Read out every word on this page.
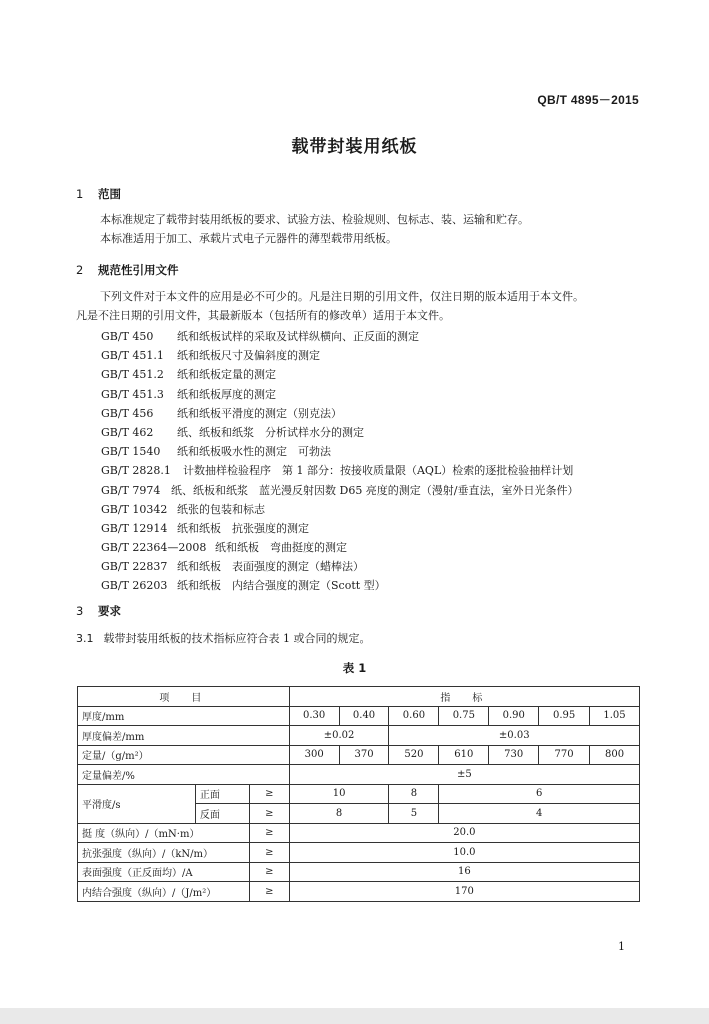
QB/T 4895－2015
载带封装用纸板
1 范围
本标准规定了载带封装用纸板的要求、试验方法、检验规则、包标志、装、运输和贮存。
本标准适用于加工、承载片式电子元器件的薄型载带用纸板。
2 规范性引用文件
下列文件对于本文件的应用是必不可少的。凡是注日期的引用文件，仅注日期的版本适用于本文件。
凡是不注日期的引用文件，其最新版本（包括所有的修改单）适用于本文件。
GB/T 450 纸和纸板试样的采取及试样纵横向、正反面的测定
GB/T 451.1 纸和纸板尺寸及偏斜度的测定
GB/T 451.2 纸和纸板定量的测定
GB/T 451.3 纸和纸板厚度的测定
GB/T 456 纸和纸板平滑度的测定（别克法）
GB/T 462 纸、纸板和纸浆　分析试样水分的测定
GB/T 1540 纸和纸板吸水性的测定　可勃法
GB/T 2828.1 计数抽样检验程序　第 1 部分：按接收质量限（AQL）检索的逐批检验抽样计划
GB/T 7974 纸、纸板和纸浆　蓝光漫反射因数 D65 亮度的测定（漫射/垂直法，室外日光条件）
GB/T 10342 纸张的包装和标志
GB/T 12914 纸和纸板　抗张强度的测定
GB/T 22364—2008 纸和纸板　弯曲挺度的测定
GB/T 22837 纸和纸板　表面强度的测定（蜡棒法）
GB/T 26203 纸和纸板　内结合强度的测定（Scott 型）
3 要求
3.1 载带封装用纸板的技术指标应符合表 1 或合同的规定。
表 1
项　目			指　标						
厚度/mm			0.30	0.40	0.60	0.75	0.90	0.95	1.05
厚度偏差/mm			±0.02		±0.03				
定量/（g/m²）			300	370	520	610	730	770	800
定量偏差/%			±5						
平滑度/s	正面	≥	10		8	6			
	反面	≥	8		5	4			
挺 度（纵向）/（mN·m）		≥	20.0						
抗张强度（纵向）/（kN/m）		≥	10.0						
表面强度（正反面均）/A		≥	16						
内结合强度（纵向）/（J/m²）		≥	170						
1
